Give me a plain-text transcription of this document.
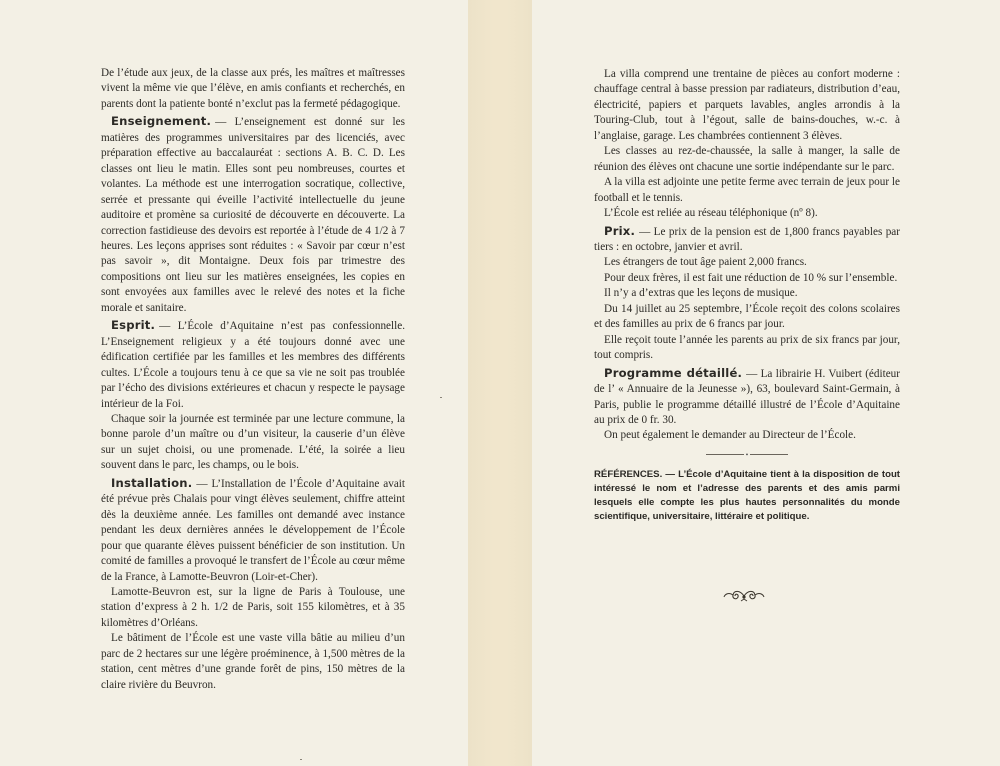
De l’étude aux jeux, de la classe aux prés, les maîtres et maîtresses vivent la même vie que l’élève, en amis confiants et recherchés, en parents dont la patiente bonté n’exclut pas la fermeté pédagogique.

Enseignement. — L’enseignement est donné sur les matières des programmes universitaires par des licenciés, avec préparation effective au baccalauréat : sections A. B. C. D. Les classes ont lieu le matin. Elles sont peu nombreuses, courtes et volantes. La méthode est une interrogation socratique, collective, serrée et pressante qui éveille l’activité intellectuelle du jeune auditoire et promène sa curiosité de découverte en découverte. La correction fastidieuse des devoirs est reportée à l’étude de 4 1/2 à 7 heures. Les leçons apprises sont réduites : « Savoir par cœur n’est pas savoir », dit Montaigne. Deux fois par trimestre des compositions ont lieu sur les matières enseignées, les copies en sont envoyées aux familles avec le relevé des notes et la fiche morale et sanitaire.

Esprit. — L’École d’Aquitaine n’est pas confessionnelle. L’Enseignement religieux y a été toujours donné avec une édification certifiée par les familles et les membres des différents cultes. L’École a toujours tenu à ce que sa vie ne soit pas troublée par l’écho des divisions extérieures et chacun y respecte le paysage intérieur de la Foi.

Chaque soir la journée est terminée par une lecture commune, la bonne parole d’un maître ou d’un visiteur, la causerie d’un élève sur un sujet choisi, ou une promenade. L’été, la soirée a lieu souvent dans le parc, les champs, ou le bois.

Installation. — L’Installation de l’École d’Aquitaine avait été prévue près Chalais pour vingt élèves seulement, chiffre atteint dès la deuxième année. Les familles ont demandé avec instance pendant les deux dernières années le développement de l’École pour que quarante élèves puissent bénéficier de son institution. Un comité de familles a provoqué le transfert de l’École au cœur même de la France, à Lamotte-Beuvron (Loir-et-Cher).

Lamotte-Beuvron est, sur la ligne de Paris à Toulouse, une station d’express à 2 h. 1/2 de Paris, soit 155 kilomètres, et à 35 kilomètres d’Orléans.

Le bâtiment de l’École est une vaste villa bâtie au milieu d’un parc de 2 hectares sur une légère proéminence, à 1,500 mètres de la station, cent mètres d’une grande forêt de pins, 150 mètres de la claire rivière du Beuvron.

La villa comprend une trentaine de pièces au confort moderne : chauffage central à basse pression par radiateurs, distribution d’eau, électricité, papiers et parquets lavables, angles arrondis à la Touring-Club, tout à l’égout, salle de bains-douches, w.-c. à l’anglaise, garage. Les chambrées contiennent 3 élèves.

Les classes au rez-de-chaussée, la salle à manger, la salle de réunion des élèves ont chacune une sortie indépendante sur le parc.

A la villa est adjointe une petite ferme avec terrain de jeux pour le football et le tennis.

L’École est reliée au réseau téléphonique (nº 8).

Prix. — Le prix de la pension est de 1,800 francs payables par tiers : en octobre, janvier et avril.

Les étrangers de tout âge paient 2,000 francs.

Pour deux frères, il est fait une réduction de 10 % sur l’ensemble.

Il n’y a d’extras que les leçons de musique.

Du 14 juillet au 25 septembre, l’École reçoit des colons scolaires et des familles au prix de 6 francs par jour.

Elle reçoit toute l’année les parents au prix de six francs par jour, tout compris.

Programme détaillé. — La librairie H. Vuibert (éditeur de l’ « Annuaire de la Jeunesse »), 63, boulevard Saint-Germain, à Paris, publie le programme détaillé illustré de l’École d’Aquitaine au prix de 0 fr. 30.

On peut également le demander au Directeur de l’École.

•

RÉFÉRENCES. — L’École d’Aquitaine tient à la disposition de tout intéressé le nom et l’adresse des parents et des amis parmi lesquels elle compte les plus hautes personnalités du monde scientifique, universitaire, littéraire et politique.
